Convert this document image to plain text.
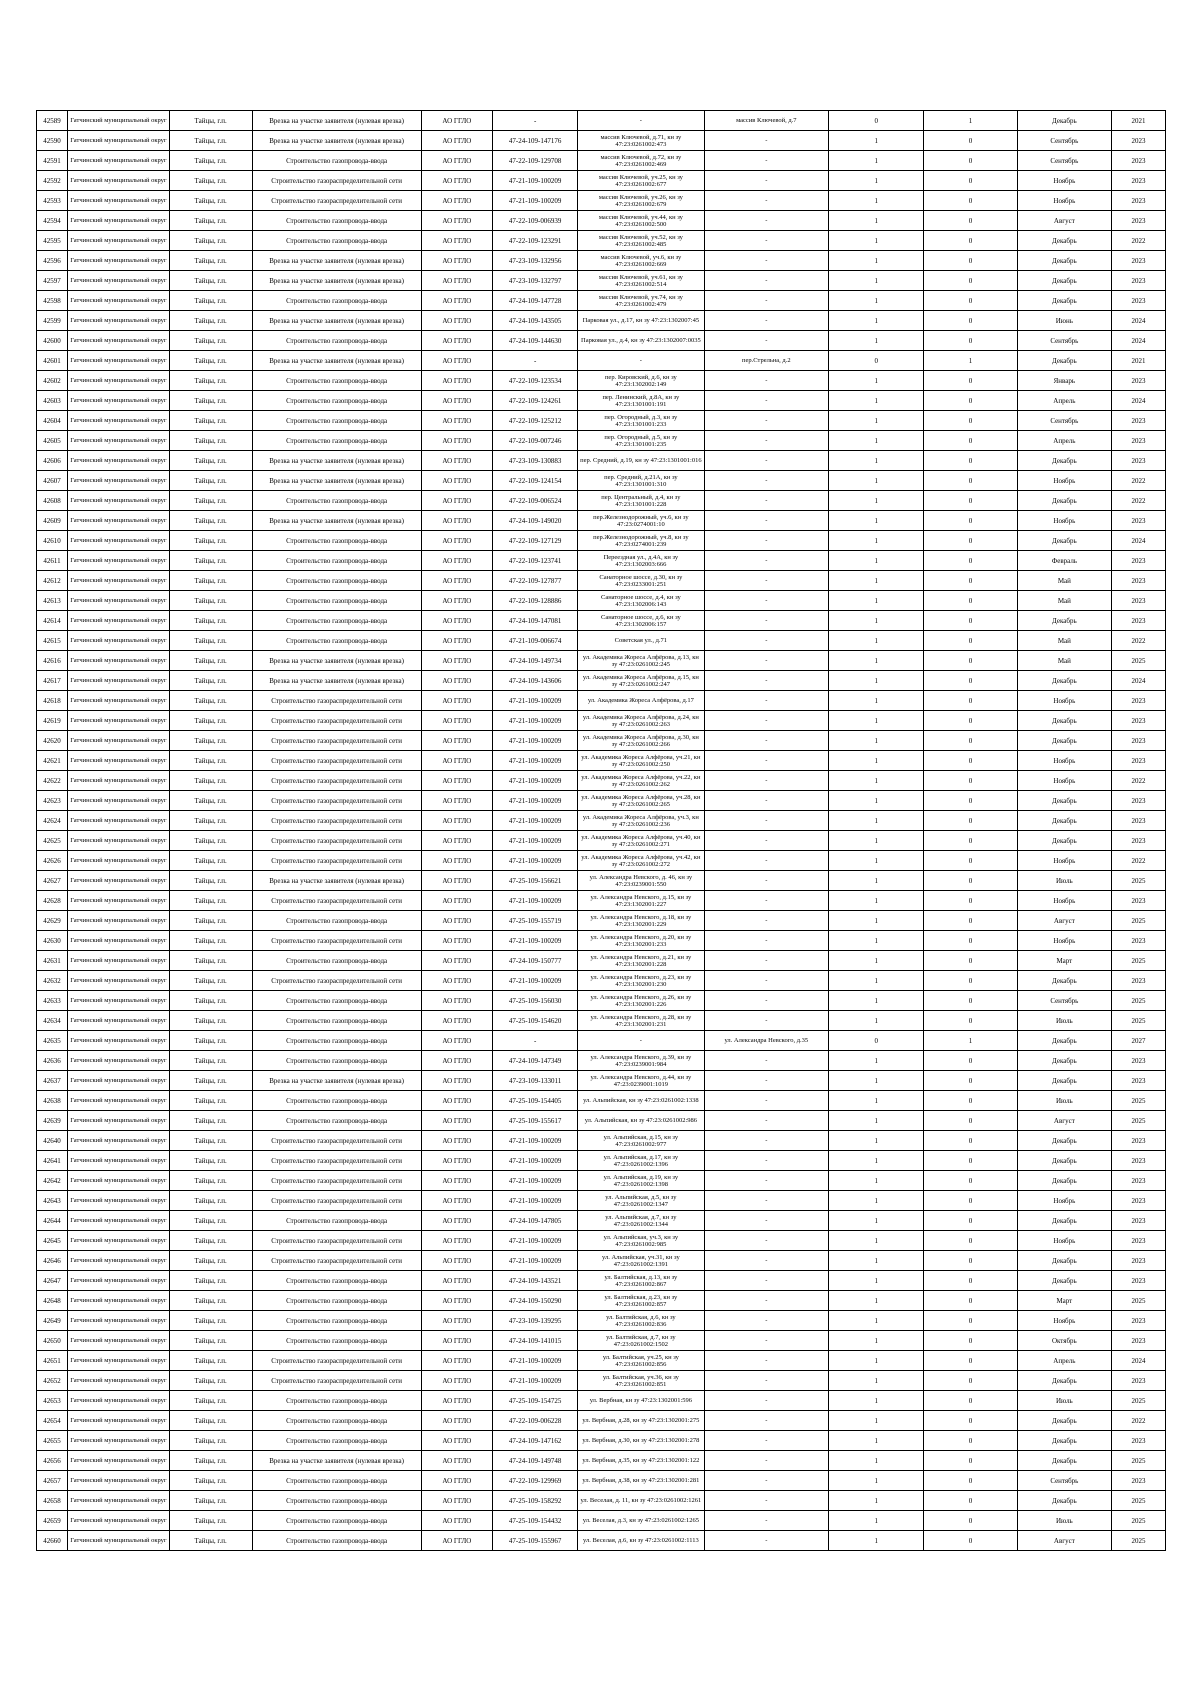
42589	Гатчинский муниципальный округ	Тайцы, г.п.	Врезка на участке заявителя (нулевая врезка)	АО ГГЛО	-	-	массив Ключевой, д.7	0	1	Декабрь	2021
42590	Гатчинский муниципальный округ	Тайцы, г.п.	Врезка на участке заявителя (нулевая врезка)	АО ГГЛО	47-24-109-147176	массив Ключевой, д.71, кн зу 47:23:0261002:473	-	1	0	Сентябрь	2023
42591	Гатчинский муниципальный округ	Тайцы, г.п.	Строительство газопровода-ввода	АО ГГЛО	47-22-109-129708	массив Ключевой, д.72, кн зу 47:23:0261002:469	-	1	0	Сентябрь	2023
42592	Гатчинский муниципальный округ	Тайцы, г.п.	Строительство газораспределительной сети	АО ГГЛО	47-21-109-100209	массив Ключевой, уч.25, кн зу 47:23:0261002:677	-	1	0	Ноябрь	2023
42593	Гатчинский муниципальный округ	Тайцы, г.п.	Строительство газораспределительной сети	АО ГГЛО	47-21-109-100209	массив Ключевой, уч.26, кн зу 47:23:0261002:679	-	1	0	Ноябрь	2023
42594	Гатчинский муниципальный округ	Тайцы, г.п.	Строительство газопровода-ввода	АО ГГЛО	47-22-109-006939	массив Ключевой, уч.44, кн зу 47:23:0261002:500	-	1	0	Август	2023
42595	Гатчинский муниципальный округ	Тайцы, г.п.	Строительство газопровода-ввода	АО ГГЛО	47-22-109-123291	массив Ключевой, уч.52, кн зу 47:23:0261002:485	-	1	0	Декабрь	2022
42596	Гатчинский муниципальный округ	Тайцы, г.п.	Врезка на участке заявителя (нулевая врезка)	АО ГГЛО	47-23-109-132956	массив Ключевой, уч.6, кн зу 47:23:0261002:669	-	1	0	Декабрь	2023
42597	Гатчинский муниципальный округ	Тайцы, г.п.	Врезка на участке заявителя (нулевая врезка)	АО ГГЛО	47-23-109-132797	массив Ключевой, уч.61, кн зу 47:23:0261002:514	-	1	0	Декабрь	2023
42598	Гатчинский муниципальный округ	Тайцы, г.п.	Строительство газопровода-ввода	АО ГГЛО	47-24-109-147728	массив Ключевой, уч.74, кн зу 47:23:0261002:479	-	1	0	Декабрь	2023
42599	Гатчинский муниципальный округ	Тайцы, г.п.	Врезка на участке заявителя (нулевая врезка)	АО ГГЛО	47-24-109-143505	Парковая ул., д.17, кн зу 47:23:1302007:45	-	1	0	Июнь	2024
42600	Гатчинский муниципальный округ	Тайцы, г.п.	Строительство газопровода-ввода	АО ГГЛО	47-24-109-144630	Парковая ул., д.4, кн зу 47:23:1302007:0035	-	1	0	Сентябрь	2024
42601	Гатчинский муниципальный округ	Тайцы, г.п.	Врезка на участке заявителя (нулевая врезка)	АО ГГЛО	-	-	пер.Стрельна, д.2	0	1	Декабрь	2021
42602	Гатчинский муниципальный округ	Тайцы, г.п.	Строительство газопровода-ввода	АО ГГЛО	47-22-109-123534	пер. Кировский, д.6, кн зу 47:23:1302002:149	-	1	0	Январь	2023
42603	Гатчинский муниципальный округ	Тайцы, г.п.	Строительство газопровода-ввода	АО ГГЛО	47-22-109-124261	пер. Ленинский, д.8А, кн зу 47:23:1301001:191	-	1	0	Апрель	2024
42604	Гатчинский муниципальный округ	Тайцы, г.п.	Строительство газопровода-ввода	АО ГГЛО	47-22-109-125212	пер. Огородный, д.3, кн зу 47:23:1301001:233	-	1	0	Сентябрь	2023
42605	Гатчинский муниципальный округ	Тайцы, г.п.	Строительство газопровода-ввода	АО ГГЛО	47-22-109-007246	пер. Огородный, д.5, кн зу 47:23:1301001:235	-	1	0	Апрель	2023
42606	Гатчинский муниципальный округ	Тайцы, г.п.	Врезка на участке заявителя (нулевая врезка)	АО ГГЛО	47-23-109-130883	пер. Средний, д.19, кн зу 47:23:1301001:016	-	1	0	Декабрь	2023
42607	Гатчинский муниципальный округ	Тайцы, г.п.	Врезка на участке заявителя (нулевая врезка)	АО ГГЛО	47-22-109-124154	пер. Средний, д.21А, кн зу 47:23:1301001:310	-	1	0	Ноябрь	2022
42608	Гатчинский муниципальный округ	Тайцы, г.п.	Строительство газопровода-ввода	АО ГГЛО	47-22-109-006524	пер. Центральный, д.4, кн зу 47:23:1301001:228	-	1	0	Декабрь	2022
42609	Гатчинский муниципальный округ	Тайцы, г.п.	Врезка на участке заявителя (нулевая врезка)	АО ГГЛО	47-24-109-149020	пер.Железнодорожный, уч.6, кн зу 47:23:0274001:10	-	1	0	Ноябрь	2023
42610	Гатчинский муниципальный округ	Тайцы, г.п.	Строительство газопровода-ввода	АО ГГЛО	47-22-109-127129	пер.Железнодорожный, уч.8, кн зу 47:23:0274001:239	-	1	0	Декабрь	2024
42611	Гатчинский муниципальный округ	Тайцы, г.п.	Строительство газопровода-ввода	АО ГГЛО	47-22-109-123741	Переездная ул., д.4А, кн зу 47:23:1302003:666	-	1	0	Февраль	2023
42612	Гатчинский муниципальный округ	Тайцы, г.п.	Строительство газопровода-ввода	АО ГГЛО	47-22-109-127877	Санаторное шоссе, д.30, кн зу 47:23:0233001:251	-	1	0	Май	2023
42613	Гатчинский муниципальный округ	Тайцы, г.п.	Строительство газопровода-ввода	АО ГГЛО	47-22-109-128886	Санаторное шоссе, д.4, кн зу 47:23:1302006:143	-	1	0	Май	2023
42614	Гатчинский муниципальный округ	Тайцы, г.п.	Строительство газопровода-ввода	АО ГГЛО	47-24-109-147081	Санаторное шоссе, д.6, кн зу 47:23:1302006:157	-	1	0	Декабрь	2023
42615	Гатчинский муниципальный округ	Тайцы, г.п.	Строительство газопровода-ввода	АО ГГЛО	47-21-109-006674	Советская ул., д.71	-	1	0	Май	2022
42616	Гатчинский муниципальный округ	Тайцы, г.п.	Врезка на участке заявителя (нулевая врезка)	АО ГГЛО	47-24-109-149734	ул. Академика Жореса Алфёрова, д.13, кн зу 47:23:0261002:245	-	1	0	Май	2025
42617	Гатчинский муниципальный округ	Тайцы, г.п.	Врезка на участке заявителя (нулевая врезка)	АО ГГЛО	47-24-109-143606	ул. Академика Жореса Алфёрова, д.15, кн зу 47:23:0261002:247	-	1	0	Декабрь	2024
42618	Гатчинский муниципальный округ	Тайцы, г.п.	Строительство газораспределительной сети	АО ГГЛО	47-21-109-100209	ул. Академика Жореса Алфёрова, д.17	-	1	0	Ноябрь	2023
42619	Гатчинский муниципальный округ	Тайцы, г.п.	Строительство газораспределительной сети	АО ГГЛО	47-21-109-100209	ул. Академика Жореса Алфёрова, д.24, кн зу 47:23:0261002:263	-	1	0	Декабрь	2023
42620	Гатчинский муниципальный округ	Тайцы, г.п.	Строительство газораспределительной сети	АО ГГЛО	47-21-109-100209	ул. Академика Жореса Алфёрова, д.30, кн зу 47:23:0261002:266	-	1	0	Декабрь	2023
42621	Гатчинский муниципальный округ	Тайцы, г.п.	Строительство газораспределительной сети	АО ГГЛО	47-21-109-100209	ул. Академика Жореса Алфёрова, уч.21, кн зу 47:23:0261002:250	-	1	0	Ноябрь	2023
42622	Гатчинский муниципальный округ	Тайцы, г.п.	Строительство газораспределительной сети	АО ГГЛО	47-21-109-100209	ул. Академика Жореса Алфёрова, уч.22, кн зу 47:23:0261002:262	-	1	0	Ноябрь	2022
42623	Гатчинский муниципальный округ	Тайцы, г.п.	Строительство газораспределительной сети	АО ГГЛО	47-21-109-100209	ул. Академика Жореса Алфёрова, уч.28, кн зу 47:23:0261002:265	-	1	0	Декабрь	2023
42624	Гатчинский муниципальный округ	Тайцы, г.п.	Строительство газораспределительной сети	АО ГГЛО	47-21-109-100209	ул. Академика Жореса Алфёрова, уч.3, кн зу 47:23:0261002:236	-	1	0	Декабрь	2023
42625	Гатчинский муниципальный округ	Тайцы, г.п.	Строительство газораспределительной сети	АО ГГЛО	47-21-109-100209	ул. Академика Жореса Алфёрова, уч.40, кн зу 47:23:0261002:271	-	1	0	Декабрь	2023
42626	Гатчинский муниципальный округ	Тайцы, г.п.	Строительство газораспределительной сети	АО ГГЛО	47-21-109-100209	ул. Академика Жореса Алфёрова, уч.42, кн зу 47:23:0261002:272	-	1	0	Ноябрь	2022
42627	Гатчинский муниципальный округ	Тайцы, г.п.	Врезка на участке заявителя (нулевая врезка)	АО ГГЛО	47-25-109-156621	ул. Александра Невского, д. 46, кн зу 47:23:0239001:550	-	1	0	Июль	2025
42628	Гатчинский муниципальный округ	Тайцы, г.п.	Строительство газораспределительной сети	АО ГГЛО	47-21-109-100209	ул. Александра Невского, д.15, кн зу 47:23:1302001:227	-	1	0	Ноябрь	2023
42629	Гатчинский муниципальный округ	Тайцы, г.п.	Строительство газопровода-ввода	АО ГГЛО	47-25-109-155719	ул. Александра Невского, д.18, кн зу 47:23:1302001:229	-	1	0	Август	2025
42630	Гатчинский муниципальный округ	Тайцы, г.п.	Строительство газораспределительной сети	АО ГГЛО	47-21-109-100209	ул. Александра Невского, д.20, кн зу 47:23:1302001:233	-	1	0	Ноябрь	2023
42631	Гатчинский муниципальный округ	Тайцы, г.п.	Строительство газопровода-ввода	АО ГГЛО	47-24-109-150777	ул. Александра Невского, д.21, кн зу 47:23:1302001:228	-	1	0	Март	2025
42632	Гатчинский муниципальный округ	Тайцы, г.п.	Строительство газораспределительной сети	АО ГГЛО	47-21-109-100209	ул. Александра Невского, д.23, кн зу 47:23:1302001:230	-	1	0	Декабрь	2023
42633	Гатчинский муниципальный округ	Тайцы, г.п.	Строительство газопровода-ввода	АО ГГЛО	47-25-109-156030	ул. Александра Невского, д.26, кн зу 47:23:1302001:226	-	1	0	Сентябрь	2025
42634	Гатчинский муниципальный округ	Тайцы, г.п.	Строительство газопровода-ввода	АО ГГЛО	47-25-109-154620	ул. Александра Невского, д.28, кн зу 47:23:1302001:231	-	1	0	Июль	2025
42635	Гатчинский муниципальный округ	Тайцы, г.п.	Строительство газопровода-ввода	АО ГГЛО	-	-	ул. Александра Невского, д.35	0	1	Декабрь	2027
42636	Гатчинский муниципальный округ	Тайцы, г.п.	Строительство газопровода-ввода	АО ГГЛО	47-24-109-147349	ул. Александра Невского, д.39, кн зу 47:23:0239001:984	-	1	0	Декабрь	2023
42637	Гатчинский муниципальный округ	Тайцы, г.п.	Врезка на участке заявителя (нулевая врезка)	АО ГГЛО	47-23-109-133011	ул. Александра Невского, д.44, кн зу 47:23:0239001:1019	-	1	0	Декабрь	2023
42638	Гатчинский муниципальный округ	Тайцы, г.п.	Строительство газопровода-ввода	АО ГГЛО	47-25-109-154405	ул. Альпийская, кн зу 47:23:0261002:1338	-	1	0	Июль	2025
42639	Гатчинский муниципальный округ	Тайцы, г.п.	Строительство газопровода-ввода	АО ГГЛО	47-25-109-155617	ул. Альпийская, кн зу 47:23:0261002:986	-	1	0	Август	2025
42640	Гатчинский муниципальный округ	Тайцы, г.п.	Строительство газораспределительной сети	АО ГГЛО	47-21-109-100209	ул. Альпийская, д.15, кн зу 47:23:0261002:977	-	1	0	Декабрь	2023
42641	Гатчинский муниципальный округ	Тайцы, г.п.	Строительство газораспределительной сети	АО ГГЛО	47-21-109-100209	ул. Альпийская, д.17, кн зу 47:23:0261002:1396	-	1	0	Декабрь	2023
42642	Гатчинский муниципальный округ	Тайцы, г.п.	Строительство газораспределительной сети	АО ГГЛО	47-21-109-100209	ул. Альпийская, д.19, кн зу 47:23:0261002:1398	-	1	0	Декабрь	2023
42643	Гатчинский муниципальный округ	Тайцы, г.п.	Строительство газораспределительной сети	АО ГГЛО	47-21-109-100209	ул. Альпийская, д.5, кн зу 47:23:0261002:1347	-	1	0	Ноябрь	2023
42644	Гатчинский муниципальный округ	Тайцы, г.п.	Строительство газопровода-ввода	АО ГГЛО	47-24-109-147805	ул. Альпийская, д.7, кн зу 47:23:0261002:1344	-	1	0	Декабрь	2023
42645	Гатчинский муниципальный округ	Тайцы, г.п.	Строительство газораспределительной сети	АО ГГЛО	47-21-109-100209	ул. Альпийская, уч.3, кн зу 47:23:0261002:985	-	1	0	Ноябрь	2023
42646	Гатчинский муниципальный округ	Тайцы, г.п.	Строительство газораспределительной сети	АО ГГЛО	47-21-109-100209	ул. Альпийская, уч.31, кн зу 47:23:0261002:1391	-	1	0	Декабрь	2023
42647	Гатчинский муниципальный округ	Тайцы, г.п.	Строительство газопровода-ввода	АО ГГЛО	47-24-109-143521	ул. Балтийская, д.13, кн зу 47:23:0261002:867	-	1	0	Декабрь	2023
42648	Гатчинский муниципальный округ	Тайцы, г.п.	Строительство газопровода-ввода	АО ГГЛО	47-24-109-150290	ул. Балтийская, д.23, кн зу 47:23:0261002:857	-	1	0	Март	2025
42649	Гатчинский муниципальный округ	Тайцы, г.п.	Строительство газопровода-ввода	АО ГГЛО	47-23-109-139295	ул. Балтийская, д.6, кн зу 47:23:0261002:836	-	1	0	Ноябрь	2023
42650	Гатчинский муниципальный округ	Тайцы, г.п.	Строительство газопровода-ввода	АО ГГЛО	47-24-109-141015	ул. Балтийская, д.7, кн зу 47:23:0261002:1502	-	1	0	Октябрь	2023
42651	Гатчинский муниципальный округ	Тайцы, г.п.	Строительство газораспределительной сети	АО ГГЛО	47-21-109-100209	ул. Балтийская, уч.25, кн зу 47:23:0261002:856	-	1	0	Апрель	2024
42652	Гатчинский муниципальный округ	Тайцы, г.п.	Строительство газораспределительной сети	АО ГГЛО	47-21-109-100209	ул. Балтийская, уч.36, кн зу 47:23:0261002:851	-	1	0	Декабрь	2023
42653	Гатчинский муниципальный округ	Тайцы, г.п.	Строительство газопровода-ввода	АО ГГЛО	47-25-109-154725	ул. Вербная, кн зу 47:23:1302001:596	-	1	0	Июль	2025
42654	Гатчинский муниципальный округ	Тайцы, г.п.	Строительство газопровода-ввода	АО ГГЛО	47-22-109-006228	ул. Вербная, д.28, кн зу 47:23:1302001:275	-	1	0	Декабрь	2022
42655	Гатчинский муниципальный округ	Тайцы, г.п.	Строительство газопровода-ввода	АО ГГЛО	47-24-109-147162	ул. Вербная, д.30, кн зу 47:23:1302001:278	-	1	0	Декабрь	2023
42656	Гатчинский муниципальный округ	Тайцы, г.п.	Врезка на участке заявителя (нулевая врезка)	АО ГГЛО	47-24-109-149748	ул. Вербная, д.35, кн зу 47:23:1302001:122	-	1	0	Декабрь	2025
42657	Гатчинский муниципальный округ	Тайцы, г.п.	Строительство газопровода-ввода	АО ГГЛО	47-22-109-129969	ул. Вербная, д.38, кн зу 47:23:1302001:281	-	1	0	Сентябрь	2023
42658	Гатчинский муниципальный округ	Тайцы, г.п.	Строительство газопровода-ввода	АО ГГЛО	47-25-109-158292	ул. Веселая, д. 11, кн зу 47:23:0261002:1261	-	1	0	Декабрь	2025
42659	Гатчинский муниципальный округ	Тайцы, г.п.	Строительство газопровода-ввода	АО ГГЛО	47-25-109-154432	ул. Веселая, д.3, кн зу 47:23:0261002:1265	-	1	0	Июль	2025
42660	Гатчинский муниципальный округ	Тайцы, г.п.	Строительство газопровода-ввода	АО ГГЛО	47-25-109-155967	ул. Веселая, д.6, кн зу 47:23:0261002:1113	-	1	0	Август	2025
